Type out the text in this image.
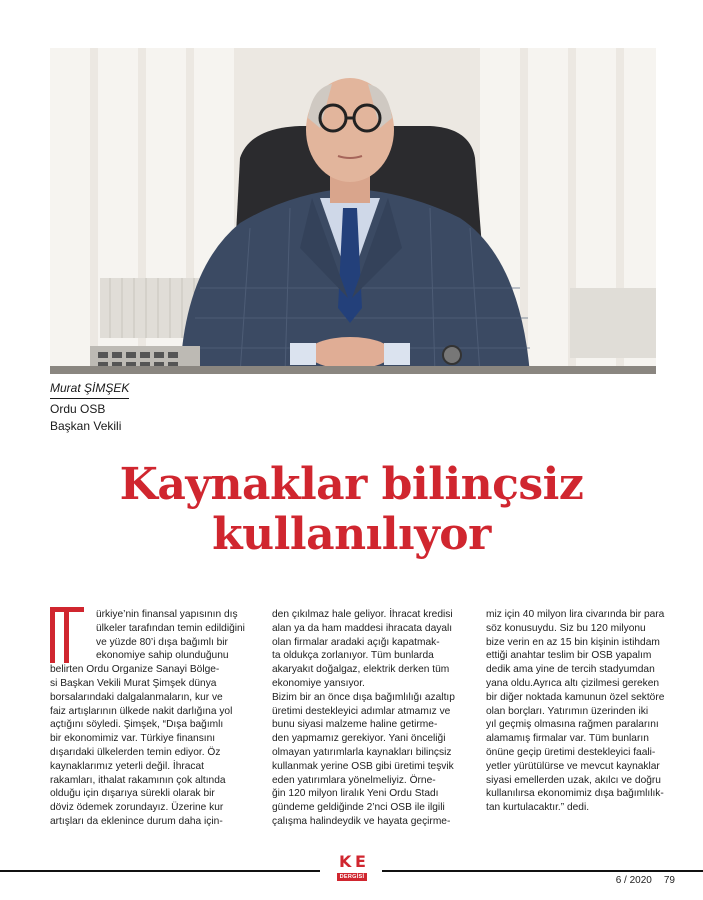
Murat ŞİMŞEK
Ordu OSB
Başkan Vekili
Kaynaklar bilinçsiz
kullanılıyor

ürkiye’nin finansal yapısının dış

ülkeler tarafından temin edildiğini

ve yüzde 80’i dışa bağımlı bir

ekonomiye sahip olunduğunu

belirten Ordu Organize Sanayi Bölge-

si Başkan Vekili Murat Şimşek dünya

borsalarındaki dalgalanmaların, kur ve

faiz artışlarının ülkede nakit darlığına yol

açtığını söyledi. Şimşek, “Dışa bağımlı

bir ekonomimiz var. Türkiye finansını

dışarıdaki ülkelerden temin ediyor. Öz

kaynaklarımız yeterli değil. İhracat

rakamları, ithalat rakamının çok altında

olduğu için dışarıya sürekli olarak bir

döviz ödemek zorundayız. Üzerine kur

artışları da eklenince durum daha için-

den çıkılmaz hale geliyor. İhracat kredisi

alan ya da ham maddesi ihracata dayalı

olan firmalar aradaki açığı kapatmak-

ta oldukça zorlanıyor. Tüm bunlarda

akaryakıt doğalgaz, elektrik derken tüm

ekonomiye yansıyor.

Bizim bir an önce dışa bağımlılığı azaltıp

üretimi destekleyici adımlar atmamız ve

bunu siyasi malzeme haline getirme-

den yapmamız gerekiyor. Yani önceliği

olmayan yatırımlarla kaynakları bilinçsiz

kullanmak yerine OSB gibi üretimi teşvik

eden yatırımlara yönelmeliyiz. Örne-

ğin 120 milyon liralık Yeni Ordu Stadı

gündeme geldiğinde 2’nci OSB ile ilgili

çalışma halindeydik ve hayata geçirme-

miz için 40 milyon lira civarında bir para

söz konusuydu. Siz bu 120 milyonu

bize verin en az 15 bin kişinin istihdam

ettiği anahtar teslim bir OSB yapalım

dedik ama yine de tercih stadyumdan

yana oldu.Ayrıca altı çizilmesi gereken

bir diğer noktada kamunun özel sektöre

olan borçları. Yatırımın üzerinden iki

yıl geçmiş olmasına rağmen paralarını

alamamış firmalar var. Tüm bunların

önüne geçip üretimi destekleyici faali-

yetler yürütülürse ve mevcut kaynaklar

siyasi emellerden uzak, akılcı ve doğru

kullanılırsa ekonomimiz dışa bağımlılık-

tan kurtulacaktır.” dedi.

K E
DERGİSİ	6 / 2020 79
